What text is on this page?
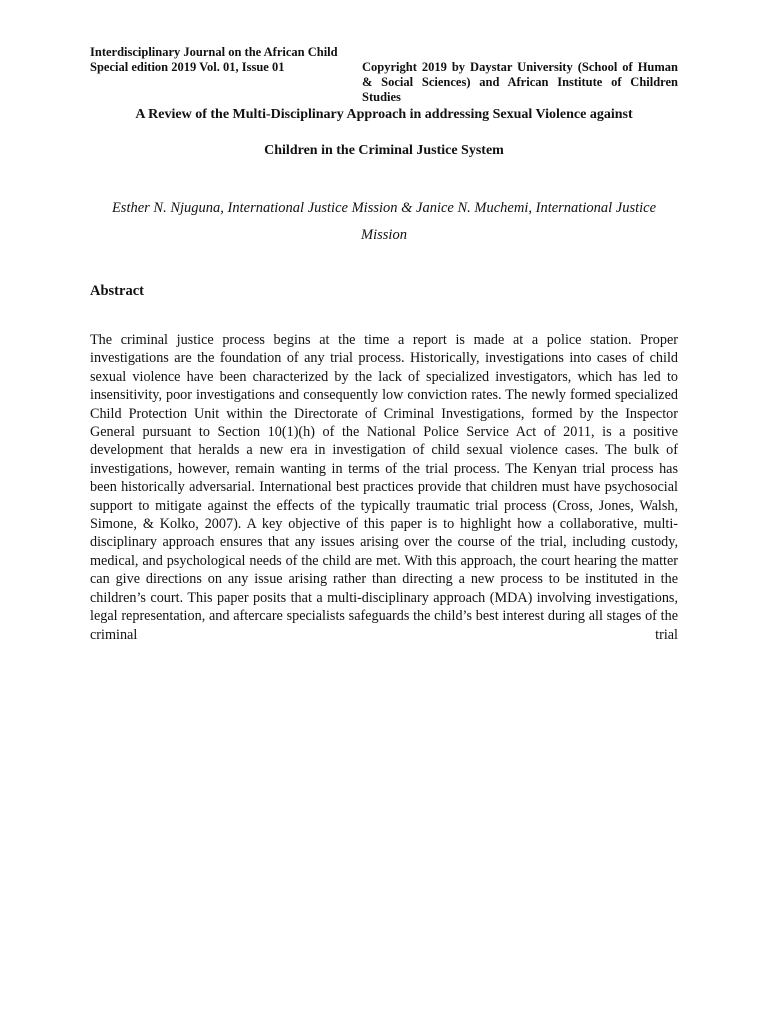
Interdisciplinary Journal on the African Child
Special edition 2019 Vol. 01, Issue 01	Copyright 2019 by Daystar University (School of Human & Social Sciences) and African Institute of Children Studies
A Review of the Multi-Disciplinary Approach in addressing Sexual Violence against
Children in the Criminal Justice System
Esther N. Njuguna, International Justice Mission & Janice N. Muchemi, International Justice Mission
Abstract
The criminal justice process begins at the time a report is made at a police station. Proper investigations are the foundation of any trial process. Historically, investigations into cases of child sexual violence have been characterized by the lack of specialized investigators, which has led to insensitivity, poor investigations and consequently low conviction rates. The newly formed specialized Child Protection Unit within the Directorate of Criminal Investigations, formed by the Inspector General pursuant to Section 10(1)(h) of the National Police Service Act of 2011, is a positive development that heralds a new era in investigation of child sexual violence cases. The bulk of investigations, however, remain wanting in terms of the trial process. The Kenyan trial process has been historically adversarial. International best practices provide that children must have psychosocial support to mitigate against the effects of the typically traumatic trial process (Cross, Jones, Walsh, Simone, & Kolko, 2007). A key objective of this paper is to highlight how a collaborative, multi-disciplinary approach ensures that any issues arising over the course of the trial, including custody, medical, and psychological needs of the child are met. With this approach, the court hearing the matter can give directions on any issue arising rather than directing a new process to be instituted in the children’s court. This paper posits that a multi-disciplinary approach (MDA) involving investigations, legal representation, and aftercare specialists safeguards the child’s best interest during all stages of the criminal trial
